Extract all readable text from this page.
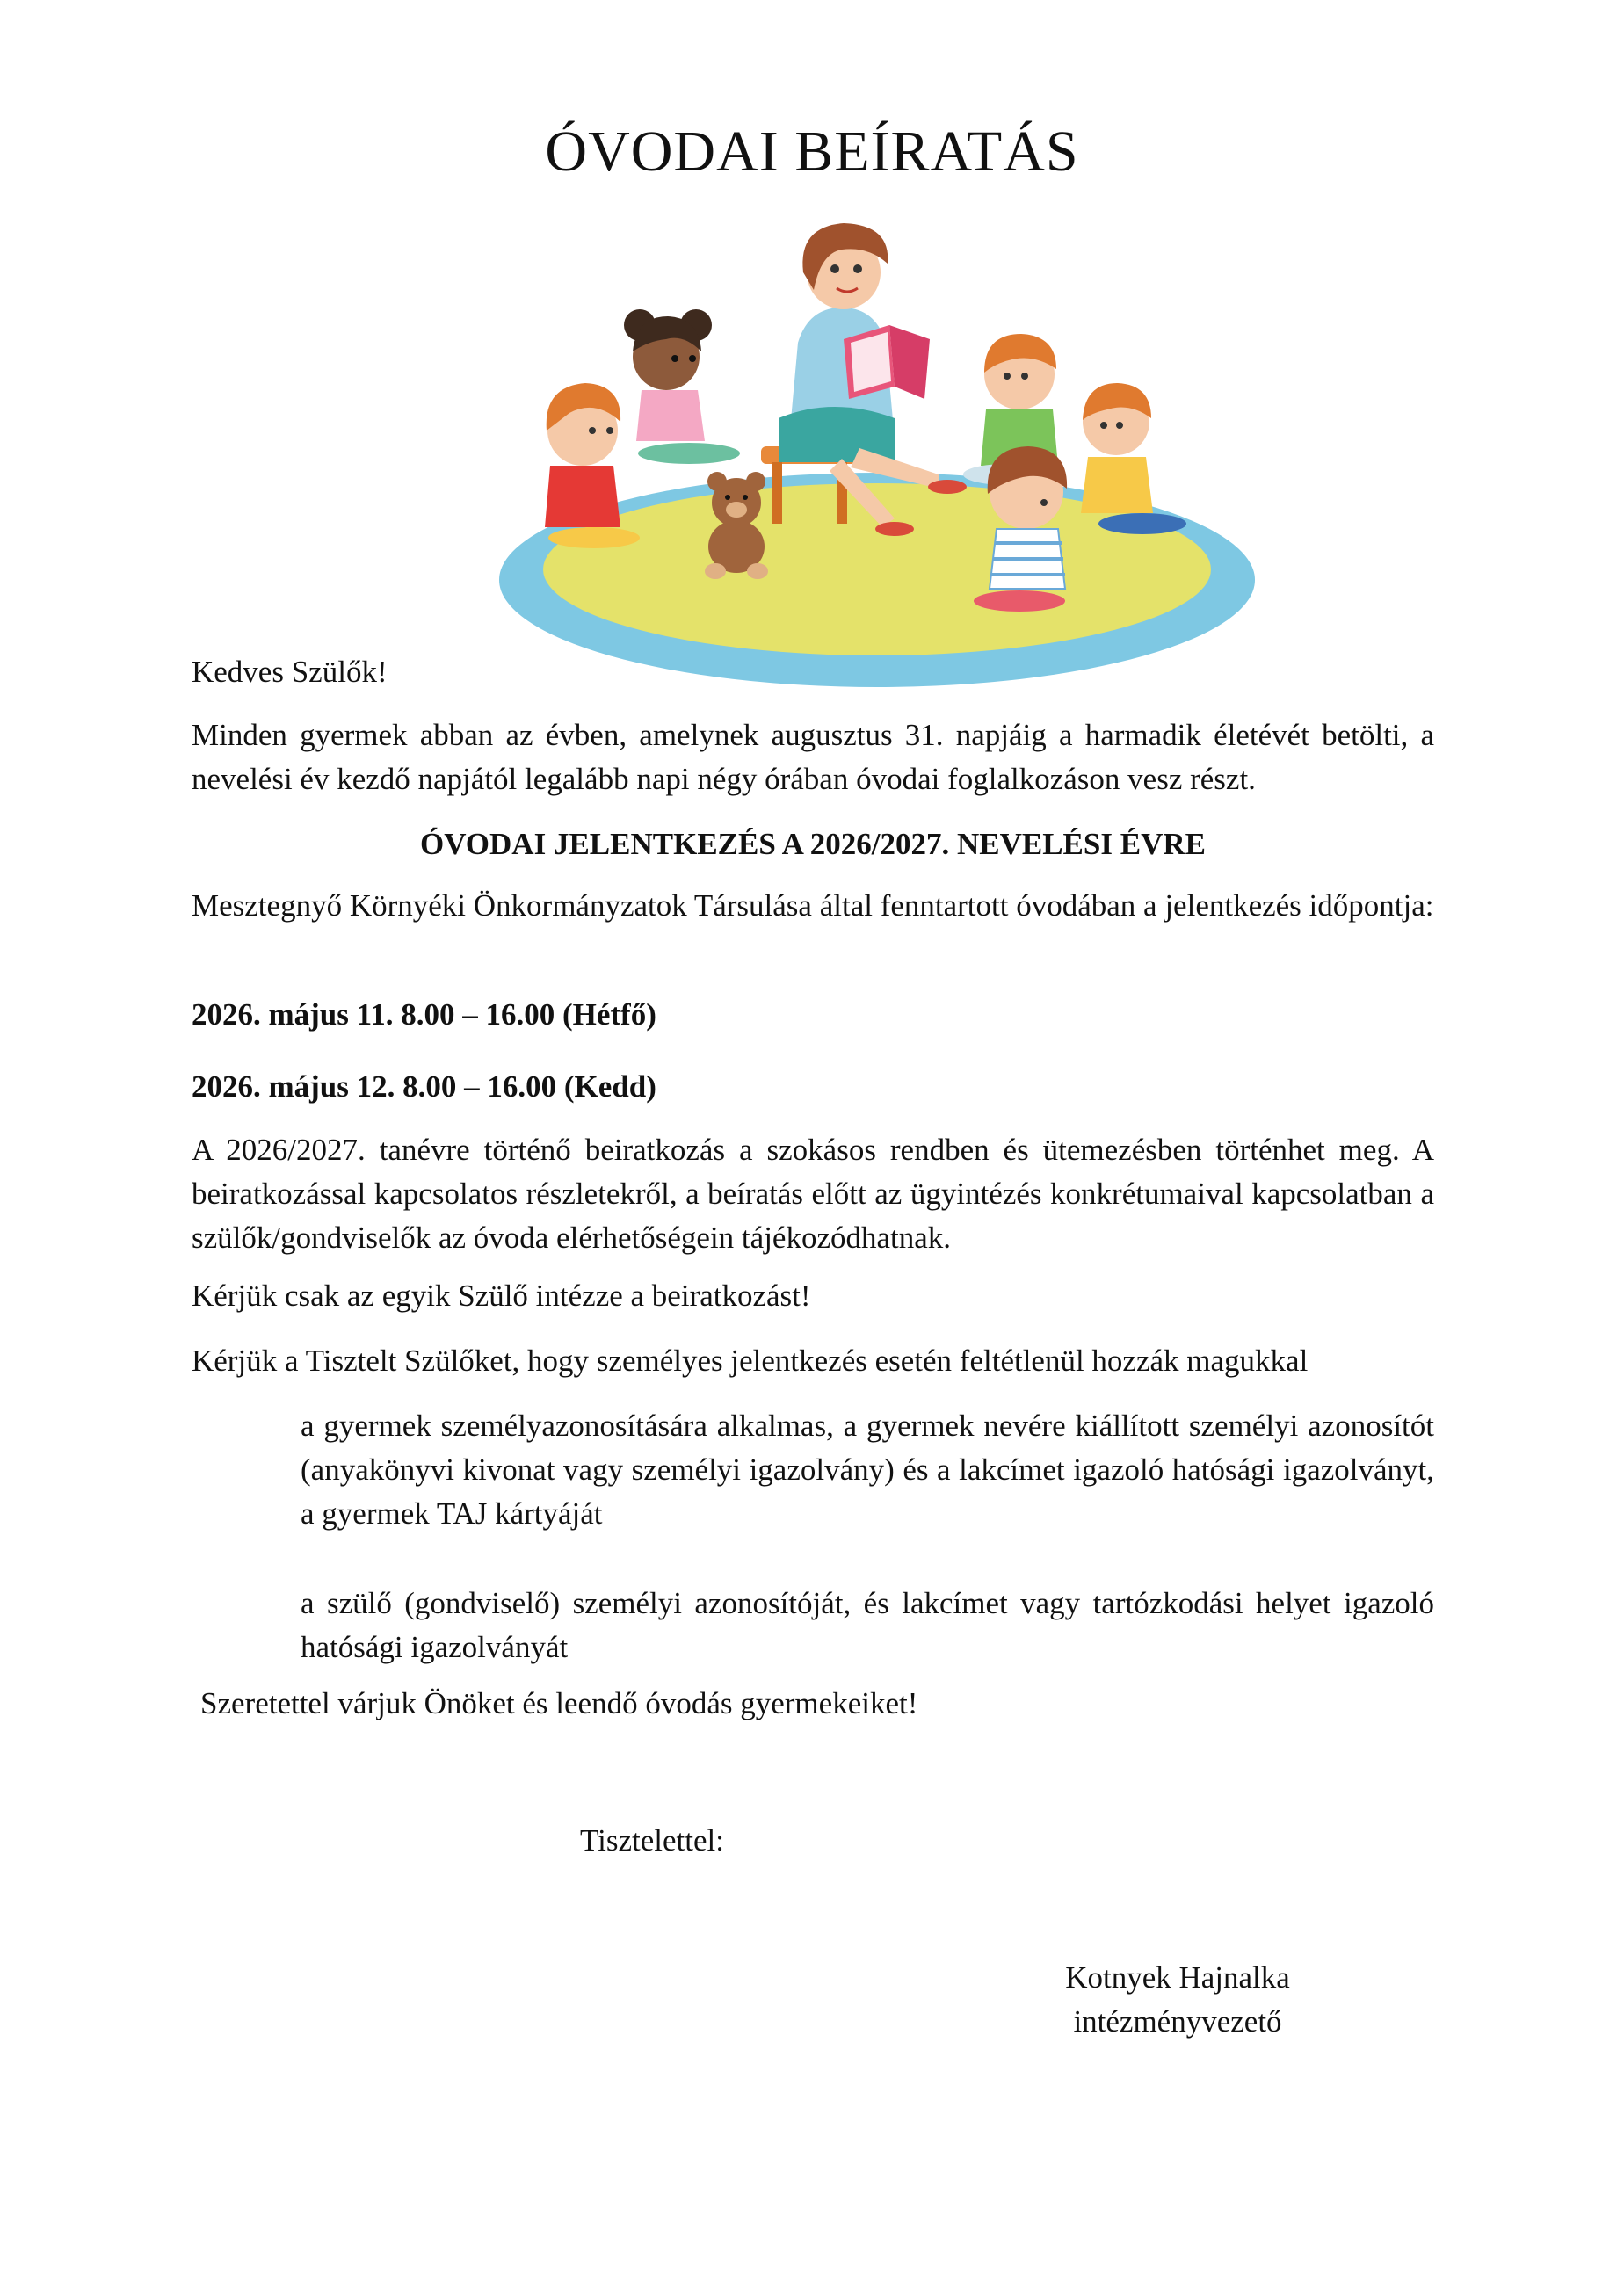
ÓVODAI BEÍRATÁS

Kedves Szülők!

Minden gyermek abban az évben, amelynek augusztus 31. napjáig a harmadik életévét betölti, a nevelési év kezdő napjától legalább napi négy órában óvodai foglalkozáson vesz részt.

ÓVODAI JELENTKEZÉS A 2026/2027. NEVELÉSI ÉVRE

Mesztegnyő Környéki Önkormányzatok Társulása által fenntartott óvodában a jelentkezés időpontja:

2026. május 11. 8.00 – 16.00 (Hétfő)

2026. május 12. 8.00 – 16.00 (Kedd)

A 2026/2027. tanévre történő beiratkozás a szokásos rendben és ütemezésben történhet meg. A beiratkozással kapcsolatos részletekről, a beíratás előtt az ügyintézés konkrétumaival kapcsolatban a szülők/gondviselők az óvoda elérhetőségein tájékozódhatnak.

Kérjük csak az egyik Szülő intézze a beiratkozást!

Kérjük a Tisztelt Szülőket, hogy személyes jelentkezés esetén feltétlenül hozzák magukkal

a gyermek személyazonosítására alkalmas, a gyermek nevére kiállított személyi azonosítót (anyakönyvi kivonat vagy személyi igazolvány) és a lakcímet igazoló hatósági igazolványt, a gyermek TAJ kártyáját

a szülő (gondviselő) személyi azonosítóját, és lakcímet vagy tartózkodási helyet igazoló hatósági igazolványát

Szeretettel várjuk Önöket és leendő óvodás gyermekeiket!

Tisztelettel:

Kotnyek Hajnalka
intézményvezető
